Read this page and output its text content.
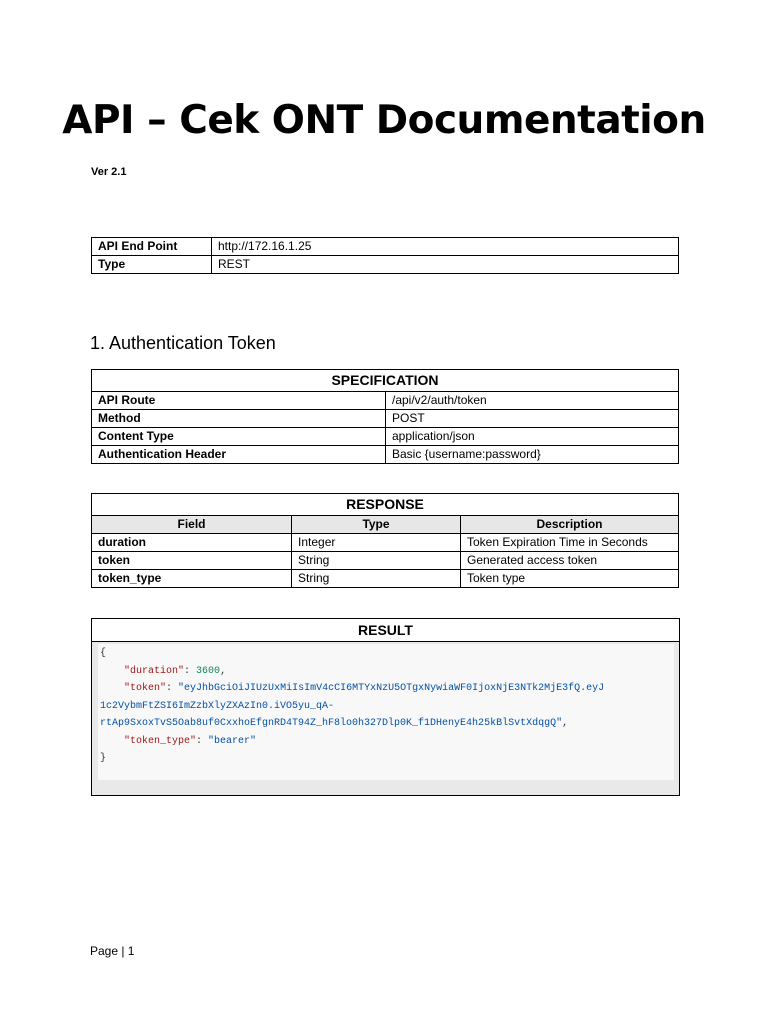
API – Cek ONT Documentation
Ver 2.1
API End Point	http://172.16.1.25
Type	REST
1. Authentication Token
SPECIFICATION	
API Route	/api/v2/auth/token
Method	POST
Content Type	application/json
Authentication Header	Basic {username:password}
RESPONSE		
Field	Type	Description
duration	Integer	Token Expiration Time in Seconds
token	String	Generated access token
token_type	String	Token type
RESULT
{
"duration": 3600,
"token": "eyJhbGciOiJIUzUxMiIsImV4cCI6MTYxNzU5OTgxNywiaWF0IjoxNjE3NTk2MjE3fQ.eyJ
1c2VybmFtZSI6ImZzbXlyZXAzIn0.iVO5yu_qA-
rtAp9SxoxTvS5Oab8uf0CxxhoEfgnRD4T94Z_hF8lo0h327Dlp0K_f1DHenyE4h25kBlSvtXdqgQ",
"token_type": "bearer"
}
Page | 1
